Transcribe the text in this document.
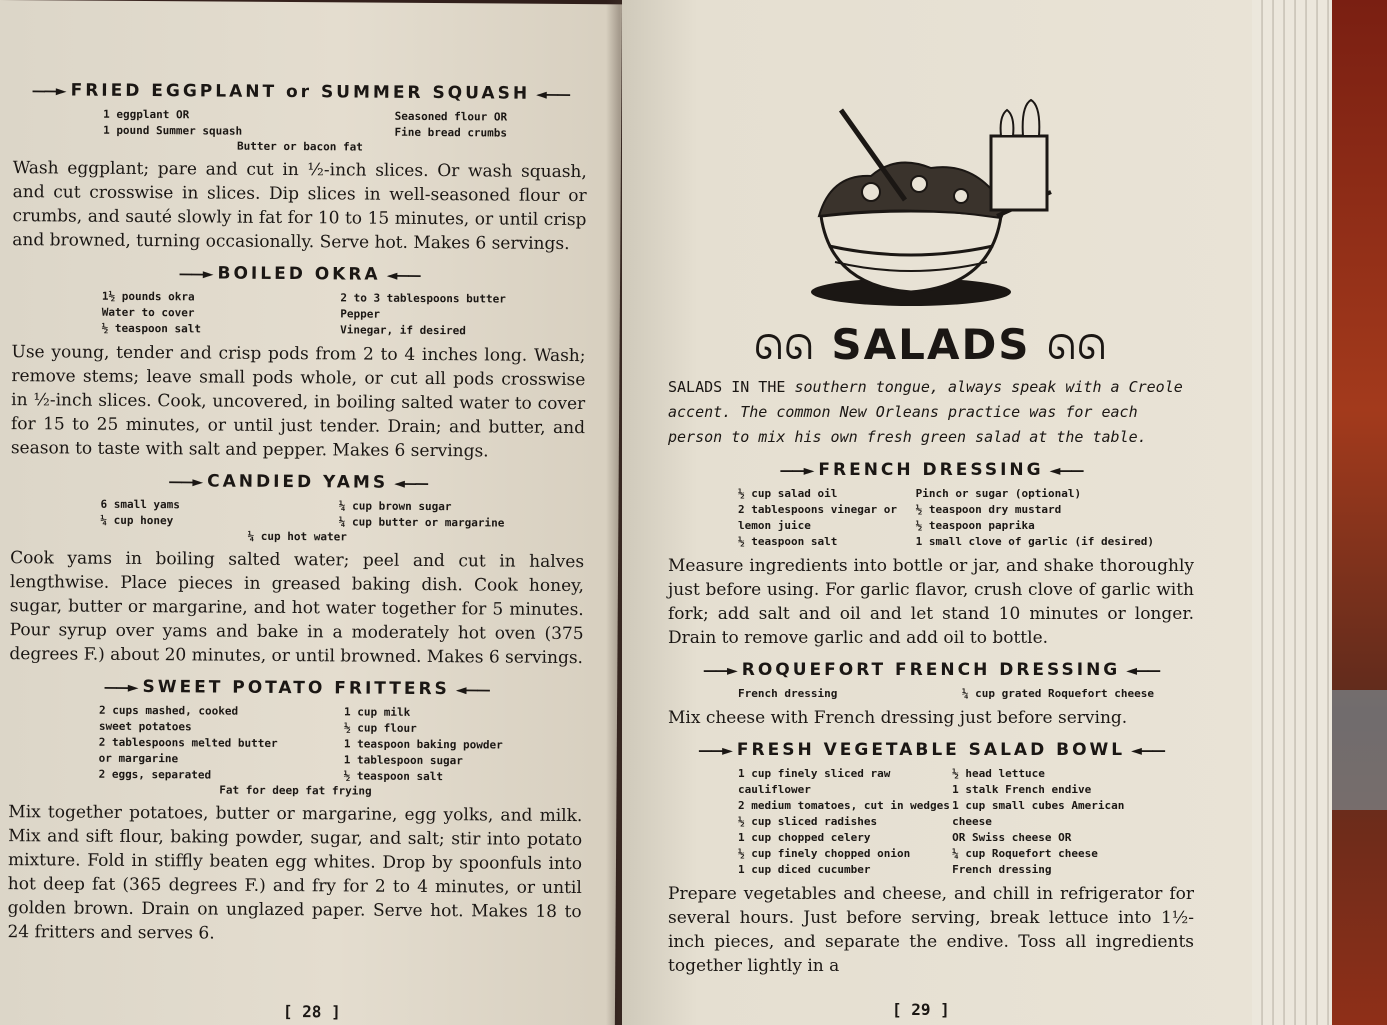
——► FRIED EGGPLANT or SUMMER SQUASH ◄——
1 eggplant OR
1 pound Summer squash
Seasoned flour OR
Fine bread crumbs
Butter or bacon fat

Wash eggplant; pare and cut in ½-inch slices. Or wash squash, and cut crosswise in slices. Dip slices in well-seasoned flour or crumbs, and sauté slowly in fat for 10 to 15 minutes, or until crisp and browned, turning occasionally. Serve hot. Makes 6 servings.

——► BOILED OKRA ◄——
1½ pounds okra
Water to cover
½ teaspoon salt
2 to 3 tablespoons butter
Pepper
Vinegar, if desired

Use young, tender and crisp pods from 2 to 4 inches long. Wash; remove stems; leave small pods whole, or cut all pods crosswise in ½-inch slices. Cook, uncovered, in boiling salted water to cover for 15 to 25 minutes, or until just tender. Drain; and butter, and season to taste with salt and pepper. Makes 6 servings.

——► CANDIED YAMS ◄——
6 small yams
¼ cup honey
¼ cup brown sugar
¼ cup butter or margarine
¼ cup hot water

Cook yams in boiling salted water; peel and cut in halves lengthwise. Place pieces in greased baking dish. Cook honey, sugar, butter or margarine, and hot water together for 5 minutes. Pour syrup over yams and bake in a moderately hot oven (375 degrees F.) about 20 minutes, or until browned. Makes 6 servings.

——► SWEET POTATO FRITTERS ◄——
2 cups mashed, cooked
sweet potatoes
2 tablespoons melted butter
or margarine
2 eggs, separated
1 cup milk
½ cup flour
1 teaspoon baking powder
1 tablespoon sugar
½ teaspoon salt
Fat for deep fat frying

Mix together potatoes, butter or margarine, egg yolks, and milk. Mix and sift flour, baking powder, sugar, and salt; stir into potato mixture. Fold in stiffly beaten egg whites. Drop by spoonfuls into hot deep fat (365 degrees F.) and fry for 2 to 4 minutes, or until golden brown. Drain on unglazed paper. Serve hot. Makes 18 to 24 fritters and serves 6.

[ 28 ]
ᘏᘏ SALADS ᘏᘏ

SALADS IN THE southern tongue, always speak with a Creole accent. The common New Orleans practice was for each person to mix his own fresh green salad at the table.

——► FRENCH DRESSING ◄——
½ cup salad oil
2 tablespoons vinegar or
lemon juice
½ teaspoon salt
Pinch or sugar (optional)
½ teaspoon dry mustard
½ teaspoon paprika
1 small clove of garlic (if desired)

Measure ingredients into bottle or jar, and shake thoroughly just before using. For garlic flavor, crush clove of garlic with fork; add salt and oil and let stand 10 minutes or longer. Drain to remove garlic and add oil to bottle.

——► ROQUEFORT FRENCH DRESSING ◄——
French dressing	¼ cup grated Roquefort cheese

Mix cheese with French dressing just before serving.

——► FRESH VEGETABLE SALAD BOWL ◄——
1 cup finely sliced raw cauliflower
2 medium tomatoes, cut in wedges
½ cup sliced radishes
1 cup chopped celery
½ cup finely chopped onion
1 cup diced cucumber
½ head lettuce
1 stalk French endive
1 cup small cubes American cheese
OR Swiss cheese OR
¼ cup Roquefort cheese
French dressing

Prepare vegetables and cheese, and chill in refrigerator for several hours. Just before serving, break lettuce into 1½-inch pieces, and separate the endive. Toss all ingredients together lightly in a

[ 29 ]
